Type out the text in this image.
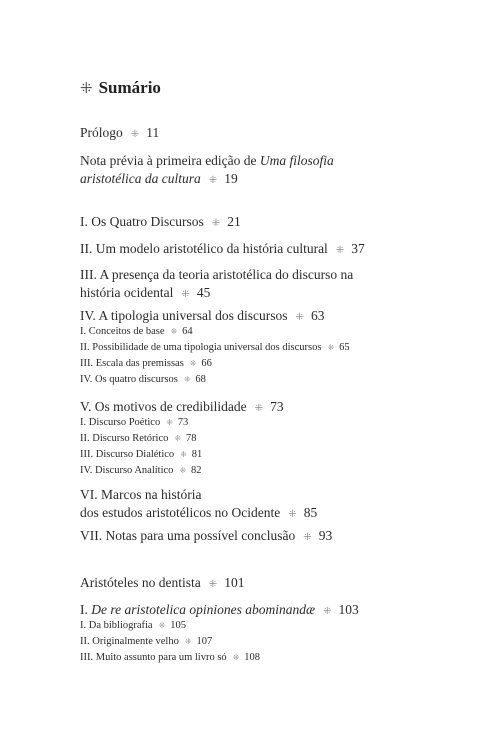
⁜ Sumário
Prólogo ⁜ 11
Nota prévia à primeira edição de Uma filosofia
aristotélica da cultura ⁜ 19
I. Os Quatro Discursos ⁜ 21
II. Um modelo aristotélico da história cultural ⁜ 37
III. A presença da teoria aristotélica do discurso na
história ocidental ⁜ 45
IV. A tipologia universal dos discursos ⁜ 63
I. Conceitos de base ⁜ 64
II. Possibilidade de uma tipologia universal dos discursos ⁜ 65
III. Escala das premissas ⁜ 66
IV. Os quatro discursos ⁜ 68
V. Os motivos de credibilidade ⁜ 73
I. Discurso Poético ⁜ 73
II. Discurso Retórico ⁜ 78
III. Discurso Dialético ⁜ 81
IV. Discurso Analítico ⁜ 82
VI. Marcos na história
dos estudos aristotélicos no Ocidente ⁜ 85
VII. Notas para uma possível conclusão ⁜ 93
Aristóteles no dentista ⁜ 101
I. De re aristotelica opiniones abominandæ ⁜ 103
I. Da bibliografia ⁜ 105
II. Originalmente velho ⁜ 107
III. Muito assunto para um livro só ⁜ 108
